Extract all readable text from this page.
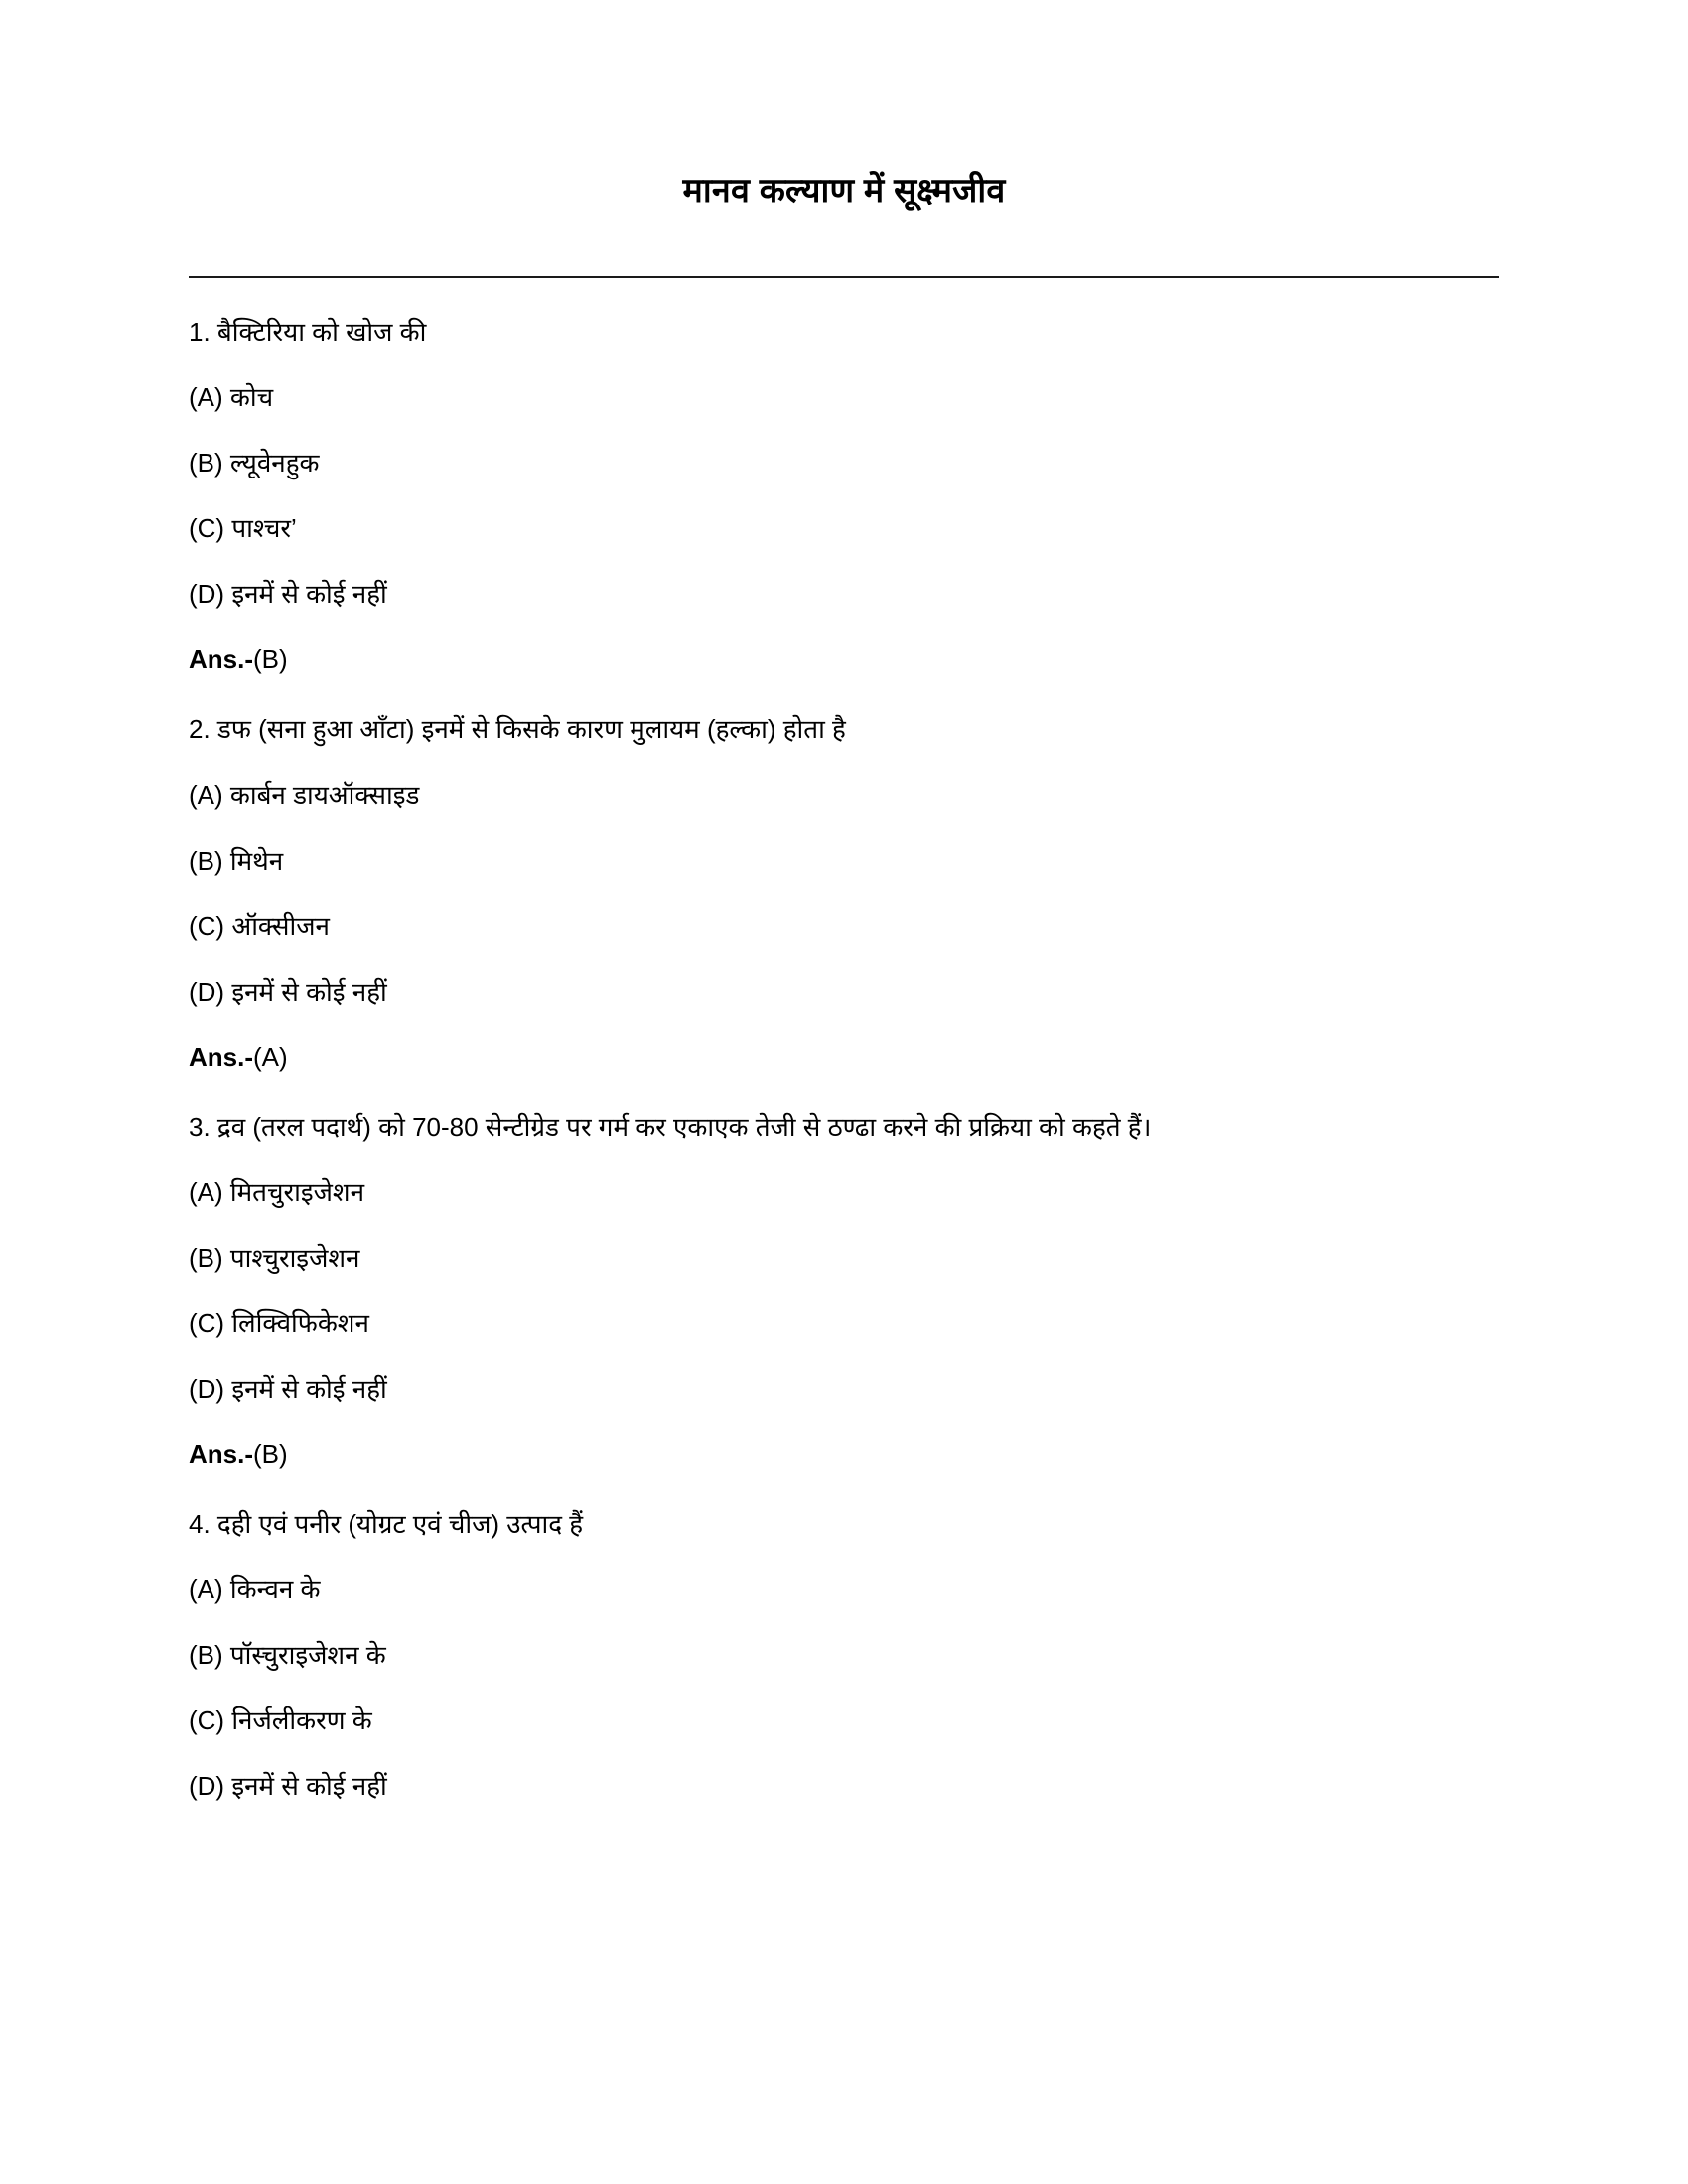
मानव कल्याण में सूक्ष्मजीव

1. बैक्टिरिया को खोज की

(A) कोच

(B) ल्यूवेनहुक

(C) पाश्चर’

(D) इनमें से कोई नहीं

Ans.-(B)

2. डफ (सना हुआ आँटा) इनमें से किसके कारण मुलायम (हल्का) होता है

(A) कार्बन डायऑक्साइड

(B) मिथेन

(C) ऑक्सीजन

(D) इनमें से कोई नहीं

Ans.-(A)

3. द्रव (तरल पदार्थ) को 70-80 सेन्टीग्रेड पर गर्म कर एकाएक तेजी से ठण्ढा करने की प्रक्रिया को कहते हैं।

(A) मितचुराइजेशन

(B) पाश्चुराइजेशन

(C) लिक्विफिकेशन

(D) इनमें से कोई नहीं

Ans.-(B)

4. दही एवं पनीर (योग्रट एवं चीज) उत्पाद हैं

(A) किन्वन के

(B) पॉस्चुराइजेशन के

(C) निर्जलीकरण के

(D) इनमें से कोई नहीं
